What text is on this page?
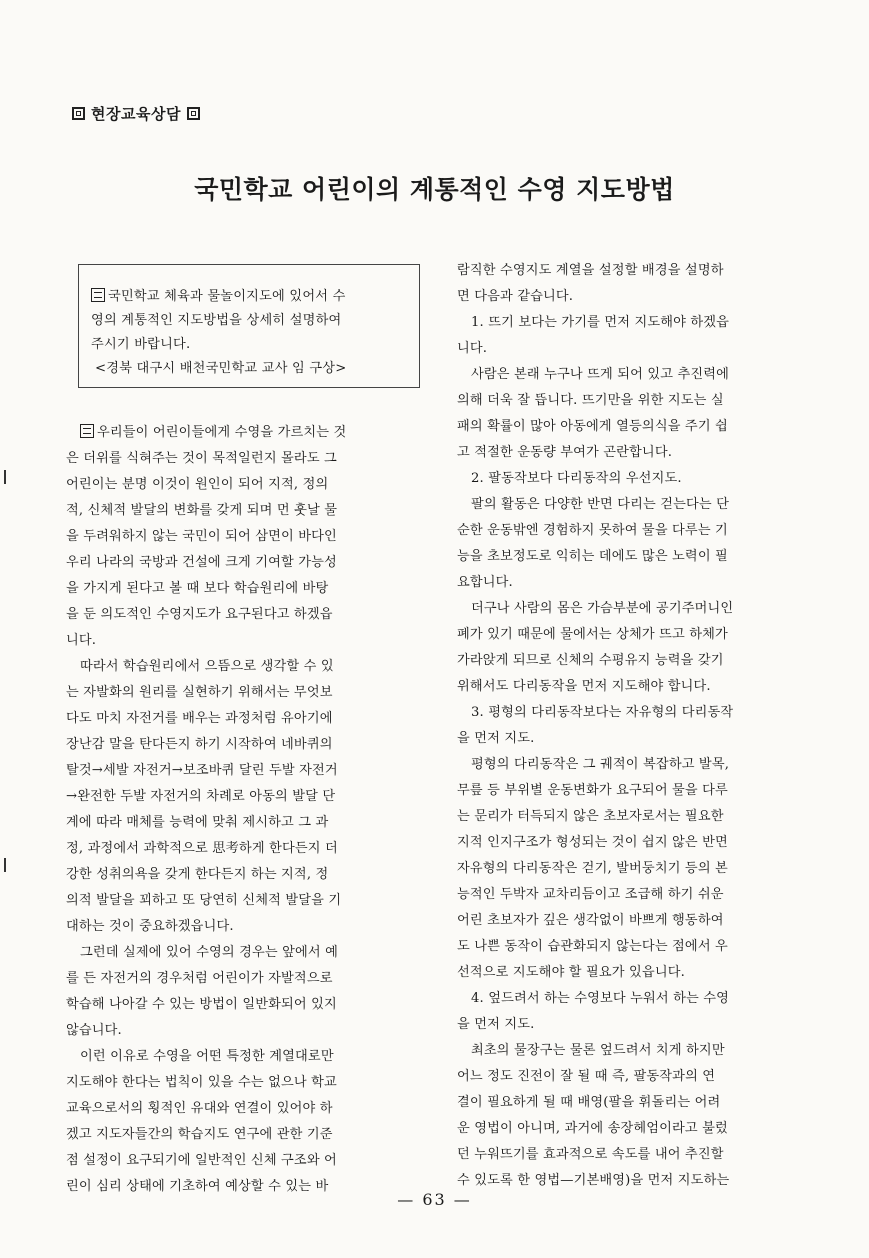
현장교육상담
국민학교 어린이의 계통적인 수영 지도방법
국민학교 체육과 물놀이지도에 있어서 수
영의 계통적인 지도방법을 상세히 설명하여
주시기 바랍니다.
<경북 대구시 배천국민학교 교사 임 구상>
우리들이 어린이들에게 수영을 가르치는 것
은 더위를 식혀주는 것이 목적일런지 몰라도 그
어린이는 분명 이것이 원인이 되어 지적, 정의
적, 신체적 발달의 변화를 갖게 되며 먼 훗날 물
을 두려워하지 않는 국민이 되어 삼면이 바다인
우리 나라의 국방과 건설에 크게 기여할 가능성
을 가지게 된다고 볼 때 보다 학습원리에 바탕
을 둔 의도적인 수영지도가 요구된다고 하겠읍
니다.
따라서 학습원리에서 으뜸으로 생각할 수 있
는 자발화의 원리를 실현하기 위해서는 무엇보
다도 마치 자전거를 배우는 과정처럼 유아기에
장난감 말을 탄다든지 하기 시작하여 네바퀴의
탈것→세발 자전거→보조바퀴 달린 두발 자전거
→완전한 두발 자전거의 차례로 아동의 발달 단
계에 따라 매체를 능력에 맞춰 제시하고 그 과
정, 과정에서 과학적으로 思考하게 한다든지 더
강한 성취의욕을 갖게 한다든지 하는 지적, 정
의적 발달을 꾀하고 또 당연히 신체적 발달을 기
대하는 것이 중요하겠읍니다.
그런데 실제에 있어 수영의 경우는 앞에서 예
를 든 자전거의 경우처럼 어린이가 자발적으로
학습해 나아갈 수 있는 방법이 일반화되어 있지
않습니다.
이런 이유로 수영을 어떤 특정한 계열대로만
지도해야 한다는 법칙이 있을 수는 없으나 학교
교육으로서의 횡적인 유대와 연결이 있어야 하
겠고 지도자들간의 학습지도 연구에 관한 기준
점 설정이 요구되기에 일반적인 신체 구조와 어
린이 심리 상태에 기초하여 예상할 수 있는 바
람직한 수영지도 계열을 설정할 배경을 설명하
면 다음과 같습니다.
1. 뜨기 보다는 가기를 먼저 지도해야 하겠읍
니다.
사람은 본래 누구나 뜨게 되어 있고 추진력에
의해 더욱 잘 뜹니다. 뜨기만을 위한 지도는 실
패의 확률이 많아 아동에게 열등의식을 주기 쉽
고 적절한 운동량 부여가 곤란합니다.
2. 팔동작보다 다리동작의 우선지도.
팔의 활동은 다양한 반면 다리는 걷는다는 단
순한 운동밖엔 경험하지 못하여 물을 다루는 기
능을 초보정도로 익히는 데에도 많은 노력이 필
요합니다.
더구나 사람의 몸은 가슴부분에 공기주머니인
폐가 있기 때문에 물에서는 상체가 뜨고 하체가
가라앉게 되므로 신체의 수평유지 능력을 갖기
위해서도 다리동작을 먼저 지도해야 합니다.
3. 평형의 다리동작보다는 자유형의 다리동작
을 먼저 지도.
평형의 다리동작은 그 궤적이 복잡하고 발목,
무릎 등 부위별 운동변화가 요구되어 물을 다루
는 문리가 터득되지 않은 초보자로서는 필요한
지적 인지구조가 형성되는 것이 쉽지 않은 반면
자유형의 다리동작은 걷기, 발버둥치기 등의 본
능적인 두박자 교차리듬이고 조급해 하기 쉬운
어린 초보자가 깊은 생각없이 바쁘게 행동하여
도 나쁜 동작이 습관화되지 않는다는 점에서 우
선적으로 지도해야 할 필요가 있읍니다.
4. 엎드려서 하는 수영보다 누워서 하는 수영
을 먼저 지도.
최초의 물장구는 물론 엎드려서 치게 하지만
어느 정도 진전이 잘 될 때 즉, 팔동작과의 연
결이 필요하게 될 때 배영(팔을 휘돌리는 어려
운 영법이 아니며, 과거에 송장헤엄이라고 불렀
던 누워뜨기를 효과적으로 속도를 내어 추진할
수 있도록 한 영법—기본배영)을 먼저 지도하는
— 63 —
